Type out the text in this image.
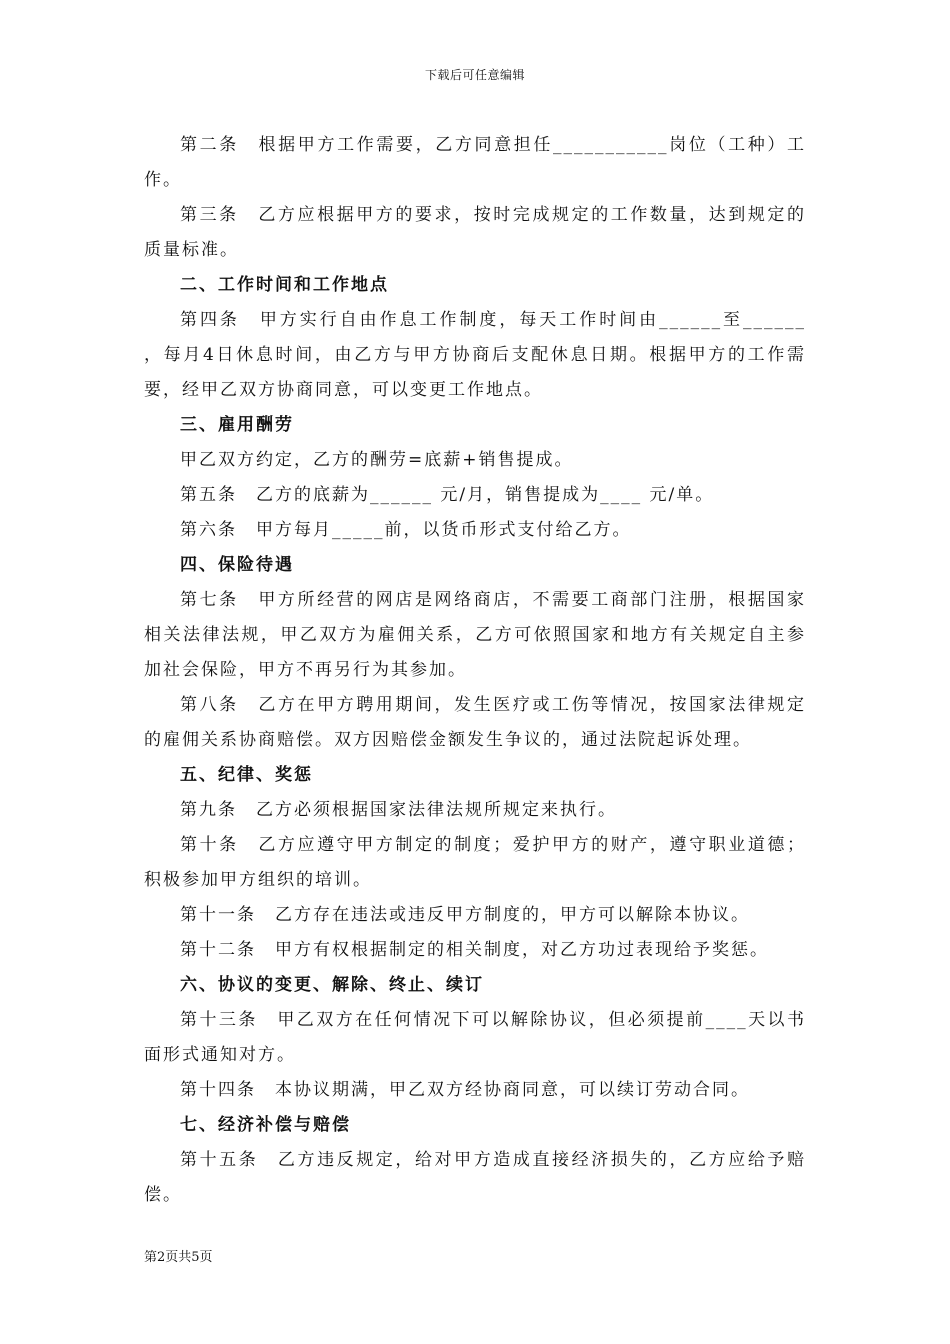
下载后可任意编辑

第二条　根据甲方工作需要，乙方同意担任___________岗位（工种）工作。

第三条　乙方应根据甲方的要求，按时完成规定的工作数量，达到规定的质量标准。

二、工作时间和工作地点

第四条　甲方实行自由作息工作制度，每天工作时间由______至______ ，每月4日休息时间，由乙方与甲方协商后支配休息日期。根据甲方的工作需要，经甲乙双方协商同意，可以变更工作地点。

三、雇用酬劳

甲乙双方约定，乙方的酬劳=底薪+销售提成。

第五条　乙方的底薪为______ 元/月，销售提成为____ 元/单。

第六条　甲方每月_____前，以货币形式支付给乙方。

四、保险待遇

第七条　甲方所经营的网店是网络商店，不需要工商部门注册，根据国家相关法律法规，甲乙双方为雇佣关系，乙方可依照国家和地方有关规定自主参加社会保险，甲方不再另行为其参加。

第八条　乙方在甲方聘用期间，发生医疗或工伤等情况，按国家法律规定的雇佣关系协商赔偿。双方因赔偿金额发生争议的，通过法院起诉处理。

五、纪律、奖惩

第九条　乙方必须根据国家法律法规所规定来执行。

第十条　乙方应遵守甲方制定的制度；爱护甲方的财产，遵守职业道德；积极参加甲方组织的培训。

第十一条　乙方存在违法或违反甲方制度的，甲方可以解除本协议。

第十二条　甲方有权根据制定的相关制度，对乙方功过表现给予奖惩。

六、协议的变更、解除、终止、续订

第十三条　甲乙双方在任何情况下可以解除协议，但必须提前____天以书面形式通知对方。

第十四条　本协议期满，甲乙双方经协商同意，可以续订劳动合同。

七、经济补偿与赔偿

第十五条　乙方违反规定，给对甲方造成直接经济损失的，乙方应给予赔偿。

第2页共5页
